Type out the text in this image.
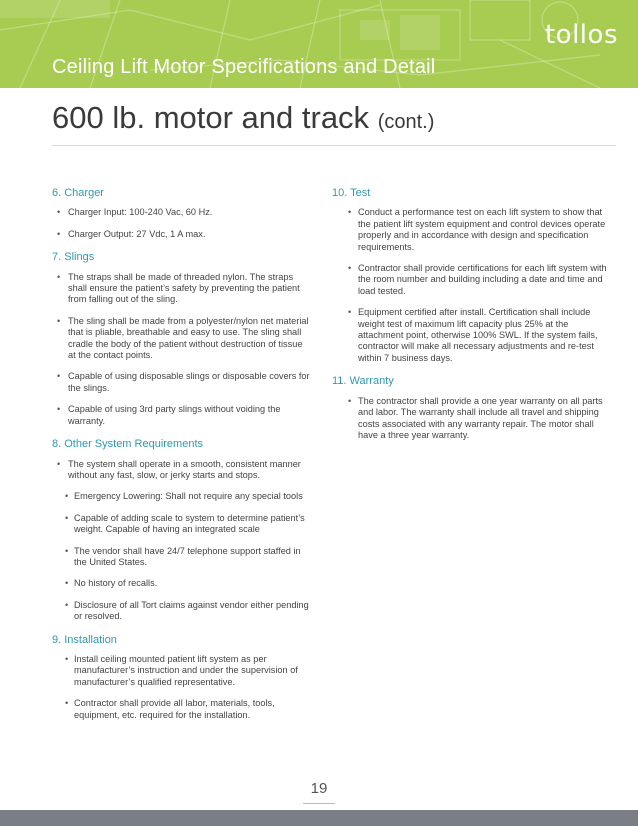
tollos
Ceiling Lift Motor Specifications and Detail
600 lb. motor and track (cont.)
6. Charger
• Charger Input: 100-240 Vac, 60 Hz.
• Charger Output: 27 Vdc, 1 A max.
7. Slings
• The straps shall be made of threaded nylon. The straps shall ensure the patient’s safety by preventing the patient from falling out of the sling.
• The sling shall be made from a polyester/nylon net material that is pliable, breathable and easy to use. The sling shall cradle the body of the patient without destruction of tissue at the contact points.
• Capable of using disposable slings or disposable covers for the slings.
• Capable of using 3rd party slings without voiding the warranty.
8. Other System Requirements
• The system shall operate in a smooth, consistent manner without any fast, slow, or jerky starts and stops.
• Emergency Lowering: Shall not require any special tools
• Capable of adding scale to system to determine patient’s weight. Capable of having an integrated scale
• The vendor shall have 24/7 telephone support staffed in the United States.
• No history of recalls.
• Disclosure of all Tort claims against vendor either pending or resolved.
9. Installation
• Install ceiling mounted patient lift system as per manufacturer’s instruction and under the supervision of manufacturer’s qualified representative.
• Contractor shall provide all labor, materials, tools, equipment, etc. required for the installation.
10. Test
• Conduct a performance test on each lift system to show that the patient lift system equipment and control devices operate properly and in accordance with design and specification requirements.
• Contractor shall provide certifications for each lift system with the room number and building including a date and time and load tested.
• Equipment certified after install. Certification shall include weight test of maximum lift capacity plus 25% at the attachment point, otherwise 100% SWL. If the system fails, contractor will make all necessary adjustments and re-test within 7 business days.
11. Warranty
• The contractor shall provide a one year warranty on all parts and labor. The warranty shall include all travel and shipping costs associated with any warranty repair. The motor shall have a three year warranty.
19
